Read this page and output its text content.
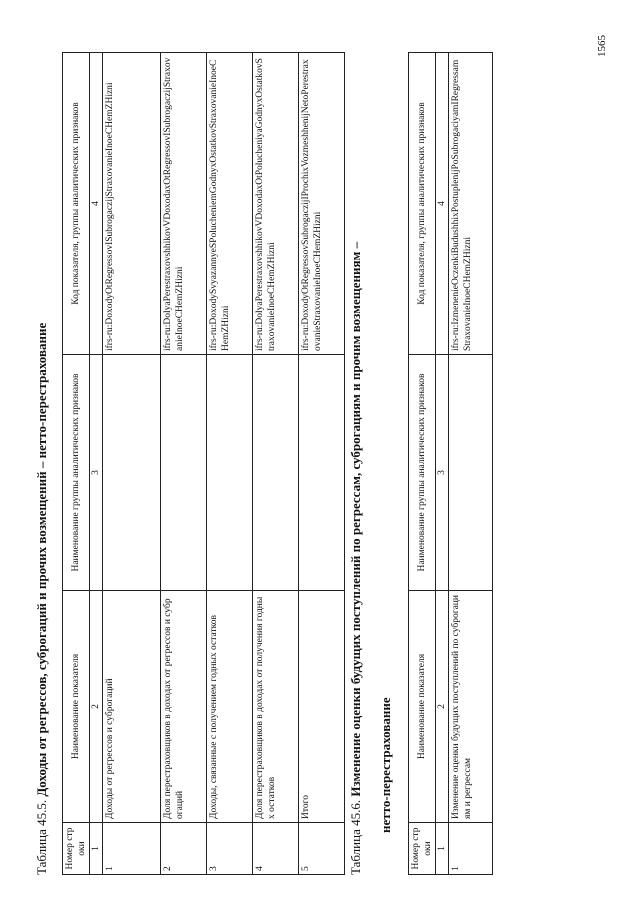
Таблица 45.5. Доходы от регрессов, суброгаций и прочих возмещений – нетто-перестрахование
Номер строки	Наименование показателя	Наименование группы аналитических признаков	Код показателя, группы аналитических признаков
1	2	3	4
1	Доходы от регрессов и суброгаций		ifrs-ru:DoxodyOtRegressovISubrogaczijStraxovanieInoeCHemZHizni
2	Доля перестраховщиков в доходах от регрессов и суброгаций		ifrs-ru:DolyaPerestraxovshhikovVDoxodaxOtRegressovISubrogaczijStraxovanieInoeCHemZHizni
3	Доходы, связанные с получением годных остатков		ifrs-ru:DoxodySvyazannyeSPolucheniemGodnyxOstatkovStraxovanieInoeCHemZHizni
4	Доля перестраховщиков в доходах от получения годных остатков		ifrs-ru:DolyaPerestraxovshhikovVDoxodaxOtPolucheniyaGodnyxOstatkovStraxovanieInoeCHemZHizni
5	Итого		ifrs-ru:DoxodyOtRegressovSubrogaczijIProchixVozmeshhenijNetoPerestraxovanieStraxovanieInoeCHemZHizni
Таблица 45.6. Изменение оценки будущих поступлений по регрессам, суброгациям и прочим возмещениям – нетто-перестрахование
Номер строки	Наименование показателя	Наименование группы аналитических признаков	Код показателя, группы аналитических признаков
1	2	3	4
1	Изменение оценки будущих поступлений по суброгациям и регрессам		ifrs-ru:IzmenenieOczenkiBudushhixPostuplenijPoSubrogaciyamIRegressamStraxovanieInoeCHemZHizni
1565
